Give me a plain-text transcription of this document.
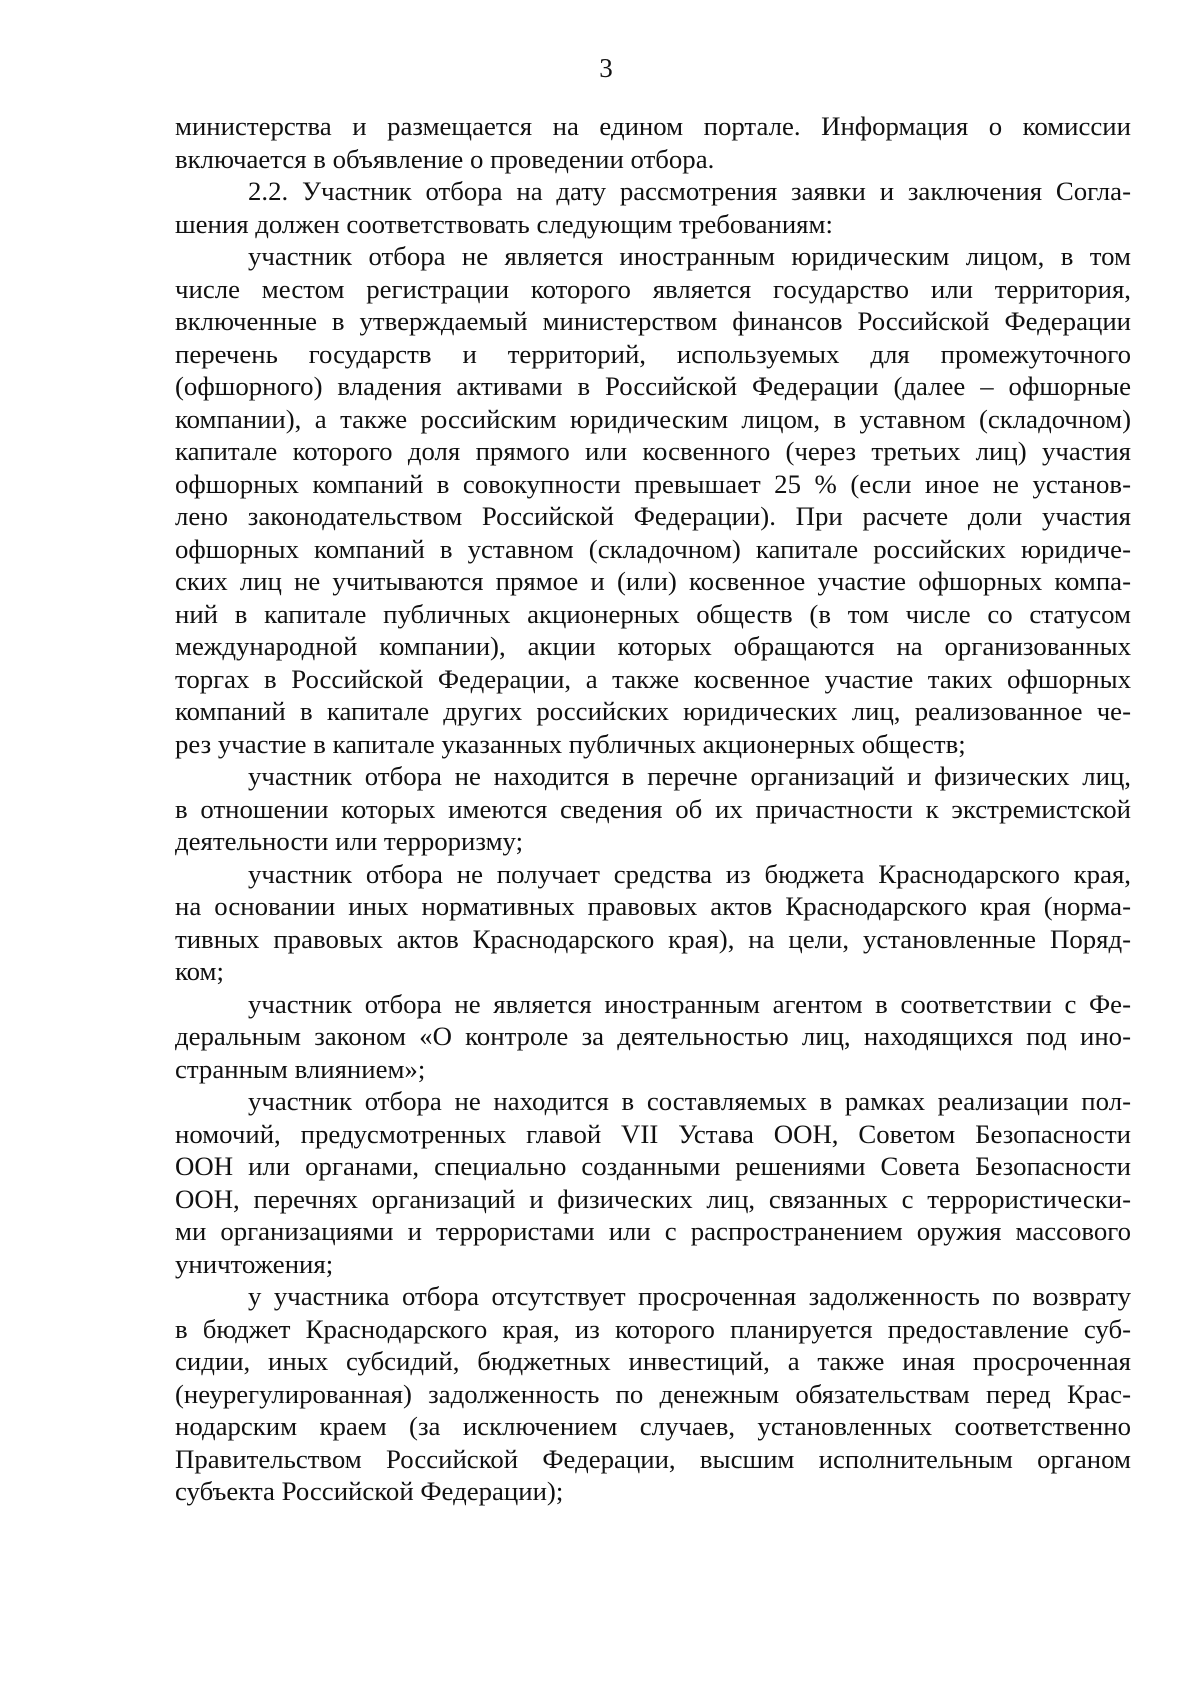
3
министерства и размещается на едином портале. Информация о комиссии
включается в объявление о проведении отбора.
2.2. Участник отбора на дату рассмотрения заявки и заключения Согла-
шения должен соответствовать следующим требованиям:
участник отбора не является иностранным юридическим лицом, в том
числе местом регистрации которого является государство или территория,
включенные в утверждаемый министерством финансов Российской Федерации
перечень государств и территорий, используемых для промежуточного
(офшорного) владения активами в Российской Федерации (далее – офшорные
компании), а также российским юридическим лицом, в уставном (складочном)
капитале которого доля прямого или косвенного (через третьих лиц) участия
офшорных компаний в совокупности превышает 25 % (если иное не установ-
лено законодательством Российской Федерации). При расчете доли участия
офшорных компаний в уставном (складочном) капитале российских юридиче-
ских лиц не учитываются прямое и (или) косвенное участие офшорных компа-
ний в капитале публичных акционерных обществ (в том числе со статусом
международной компании), акции которых обращаются на организованных
торгах в Российской Федерации, а также косвенное участие таких офшорных
компаний в капитале других российских юридических лиц, реализованное че-
рез участие в капитале указанных публичных акционерных обществ;
участник отбора не находится в перечне организаций и физических лиц,
в отношении которых имеются сведения об их причастности к экстремистской
деятельности или терроризму;
участник отбора не получает средства из бюджета Краснодарского края,
на основании иных нормативных правовых актов Краснодарского края (норма-
тивных правовых актов Краснодарского края), на цели, установленные Поряд-
ком;
участник отбора не является иностранным агентом в соответствии с Фе-
деральным законом «О контроле за деятельностью лиц, находящихся под ино-
странным влиянием»;
участник отбора не находится в составляемых в рамках реализации пол-
номочий, предусмотренных главой VII Устава ООН, Советом Безопасности
ООН или органами, специально созданными решениями Совета Безопасности
ООН, перечнях организаций и физических лиц, связанных с террористически-
ми организациями и террористами или с распространением оружия массового
уничтожения;
у участника отбора отсутствует просроченная задолженность по возврату
в бюджет Краснодарского края, из которого планируется предоставление суб-
сидии, иных субсидий, бюджетных инвестиций, а также иная просроченная
(неурегулированная) задолженность по денежным обязательствам перед Крас-
нодарским краем (за исключением случаев, установленных соответственно
Правительством Российской Федерации, высшим исполнительным органом
субъекта Российской Федерации);
